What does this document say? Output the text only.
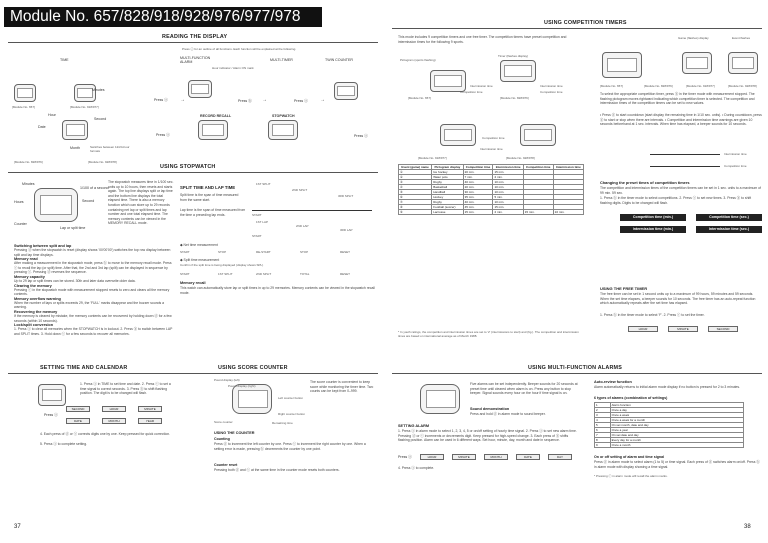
Module No. 657/828/918/928/976/977/978
READING THE DISPLAY
Press ⓐ for an outline of all functions. Each function will be explained at the following.
TIME	MULTI-FUNCTION ALARM	MULTI-TIMER	TWIN COUNTER
[Module No. 657]	[Module No. 918/977]
Minutes
Hour
Second
Date
Month	Switches between 12/24-hour formats
[Module No. 828/976]	[Module No. 928/978]
Hour indicator / Alarm ON mark
Press ⓐ	Press ⓑ	Press ⓐ
Press ⓐ
Press ⓐ
→	→	→
RECORD RECALL	STOPWATCH
USING STOPWATCH
Minutes
1/100 of a second
Hours	Second
Counter
Lap or split time
The stopwatch measures time in 1/100 sec. units up to 10 hours, then resets and starts again. The top line displays split or lap time and the bottom line displays the total elapsed time. There is also a memory function which can store up to 29 records containing net lap or split times and lap number and one total elapsed time. The memory contents can be viewed in the MEMORY RECALL mode.
SPLIT TIME AND LAP TIME
Split time is the span of time measured from the same start.
Lap time is the span of time measured from the time a preceding lap ends.
1ST SPLIT
2ND SPLIT
3RD SPLIT
START
1ST LAP
2ND LAP
3RD LAP
START
◆ Net time measurement
START	STOP	RE-START	STOP	RESET
◆ Split time measurement
Confirm if the split time is being displayed (display shows SPL)
START	1ST SPLIT	2ND SPLIT	TOTAL	RESET
Memory recall
This watch can automatically store lap or split times in up to 29 memories. Memory contents can be viewed in the stopwatch recall mode.
Switching between split and lap
Pressing ⓓ when the stopwatch is reset (display shows '00'00'00') switches the top row display between split and lap time displays.
Memory read
After making a measurement in the stopwatch mode, press ⓑ to move to the memory recall mode. Press ⓒ to recall the lap (or split) time. After that, the 2nd and 3rd lap (split) can be displayed in sequence by pressing ⓒ. Pressing ⓓ reverses the sequence.
Memory capacity
Up to 29 lap or split times can be stored. 30th and later data overwrite older data.
Clearing the memory
Pressing ⓒ in the stopwatch mode with measurement stopped resets to zero and clears all the memory contents.
Memory overflow warning
When the number of laps or splits exceeds 29, the 'FULL' marks disappear and the buzzer sounds a warning.
Recovering the memory
If the memory is cleared by mistake, the memory contents can be recovered by holding down ⓓ for a few seconds (within 10 seconds).
Lock/split conversion
1. Press ⓐ to clear all memories when the STOPWATCH is in lockout. 2. Press ⓑ to switch between LAP and SPLIT times. 3. Hold down ⓒ for a few seconds to recover all memories.
SETTING TIME AND CALENDAR	USING SCORE COUNTER
1. Press ⓐ in TIME to set time and date. 2. Press ⓒ to set a time signal to correct seconds. 3. Press ⓑ to shift flashing position. The digit is to be changed will flash.
Press ⓐ
SECOND	HOUR	MINUTE
DATE	MONTH	YEAR
4. Each press of ⓓ or ⓒ corrects digits one by one. Keep pressed for quick correction.
5. Press ⓐ to complete setting.
Pound display (left)
Pound display (right)
Left counter button
Right counter button
Score counter	Remaining time
The score counter is convenient to keep score while monitoring the timer time. Two counts can be kept from 0–999.
USING THE COUNTER
Counting
Press ⓓ to increment the left counter by one. Press ⓒ to increment the right counter by one. When a setting error is made, pressing ⓑ decrements the counter by one point.
Counter reset
Pressing both ⓓ and ⓒ at the same time in the counter mode resets both counters.
37
USING COMPETITION TIMERS
This mode includes 9 competition timers and one free timer. The competition timers have preset competition and intermission times for the following 9 sports.
Pictogram (sports flashing)
Timer (flashes display)
Intermission time
Competition time
Intermission time
Competition time
[Module No. 657]	[Module No. 828/976]
Competition time
Intermission time
[Module No. 918/977]	[Module No. 928/978]
Event (game) name	Pictogram display	Competition time	Intermission time	Competition time	Intermission time
①	Ice hockey	20 min.	15 min.		
②	Water polo	7 min.	2 min.		
③	Rugby	40 min.	10 min.		
④	Basketball	20 min.	10 min.		
⑤	Handball	30 min.	10 min.		
⑥	Hockey	35 min.	5 min.		
⑦	Rugby	40 min.	10 min.		
⑧	Football (soccer)	45 min.	15 min.		
⑨	Lacrosse	15 min.	2 min.	15 min.	10 min.
* In youth ratings, the competition and intermission times are set to '2' (intermissions to start) and (fig.). The competition and intermission times are based on international average as of March 1988.
Game (flashes) display	Event flashes
[Module No. 657]	[Module No. 828/976]	[Module No. 918/977]	[Module No. 928/978]
To select the appropriate competition timer, press ⓑ in the timer mode with measurement stopped. The flashing pictogram moves rightward indicating which competition timer is selected. The competition and intermission times of the competition timers can be set to new values.
• Press ⓓ to start countdown (start display the remaining time in 1/10 sec. units). • During countdown, press ⓓ to start or stop when there are intervals. • Competition and intermission time warnings are given 10 seconds beforehand at 1 sec. intervals. When time has elapsed, a beeper sounds for 10 seconds.
Intermission time
Competition time
Changing the preset times of competition timers
The competition and intermission times of the competition timers can be set in 1 sec. units to a maximum of 99 min. 59 sec.
1. Press ⓑ in the timer mode to select competitions. 2. Press ⓒ to set new times. 3. Press ⓑ to shift flashing digits. Digits to be changed will flash.
Competition time (min.)	Competition time (sec.)
Intermission time (min.)	Intermission time (sec.)
USING THE FREE TIMER
The free timer can be set in 1 second units up to a maximum of 99 hours, 59 minutes and 59 seconds. When the set time elapses, a beeper sounds for 10 seconds. The free timer has an auto-repeat function which automatically repeats after the set time has elapsed.
1. Press ⓑ in the timer mode to select 'F'. 2. Press ⓒ to set the timer.
HOUR	MINUTE	SECOND
USING MULTI-FUNCTION ALARMS
Five alarms can be set independently. Beeper sounds for 20 seconds at preset time until cleared when alarm is on. Press any button to stop beeper. Signal sounds every hour on the hour if time signal is on.
Sound demonstration
Press and hold ⓓ in alarm mode to sound beeper.
SETTING ALARM
1. Press ⓐ in alarm mode to select 1, 2, 3, 4, 5 or on/off setting of hourly time signal. 2. Press ⓐ to set new alarm time. Pressing ⓓ or ⓒ increments or decrements digit. Keep pressed for high-speed change. 3. Each press of ⓑ shifts flashing position. Alarm can be used in 6 different ways. Set hour, minute, day, month and date in sequence.
Press ⓐ	HOUR	MINUTE	MONTH	DATE	DAY
4. Press ⓐ to complete.
Auto-review function
Alarm automatically returns to initial alarm mode display if no button is pressed for 2 to 3 minutes.
6 types of alarms (combination of settings)
1	Alarm function
2	Once a day
3	Once a week
4	Once a week for a month
5	On set month, date and day
6	Once a year
7	On set date and day
8	Every day for a month
9	Once a month
On or off setting of alarm and time signal
Press ⓓ in alarm mode to select alarm (1 to 5) or time signal. Each press of ⓓ switches alarm on/off. Press ⓑ in alarm mode with display showing a time signal.
* Pressing ⓒ in alarm mode will recall the alarm marks.
38
